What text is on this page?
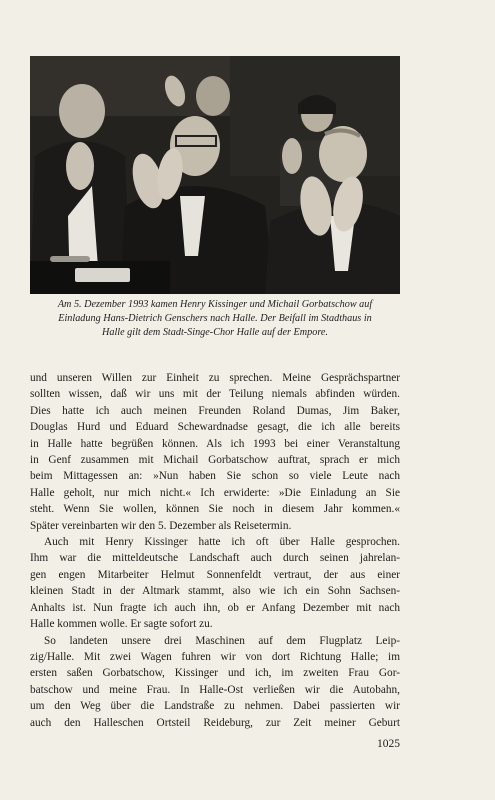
Am 5. Dezember 1993 kamen Henry Kissinger und Michail Gorbatschow auf
Einladung Hans-Dietrich Genschers nach Halle. Der Beifall im Stadthaus in
Halle gilt dem Stadt-Singe-Chor Halle auf der Empore.
und unseren Willen zur Einheit zu sprechen. Meine Gesprächspartner
sollten wissen, daß wir uns mit der Teilung niemals abfinden würden.
Dies hatte ich auch meinen Freunden Roland Dumas, Jim Baker,
Douglas Hurd und Eduard Schewardnadse gesagt, die ich alle bereits
in Halle hatte begrüßen können. Als ich 1993 bei einer Veranstaltung
in Genf zusammen mit Michail Gorbatschow auftrat, sprach er mich
beim Mittagessen an: »Nun haben Sie schon so viele Leute nach
Halle geholt, nur mich nicht.« Ich erwiderte: »Die Einladung an Sie
steht. Wenn Sie wollen, können Sie noch in diesem Jahr kommen.«
Später vereinbarten wir den 5. Dezember als Reisetermin.
Auch mit Henry Kissinger hatte ich oft über Halle gesprochen.
Ihm war die mitteldeutsche Landschaft auch durch seinen jahrelan-
gen engen Mitarbeiter Helmut Sonnenfeldt vertraut, der aus einer
kleinen Stadt in der Altmark stammt, also wie ich ein Sohn Sachsen-
Anhalts ist. Nun fragte ich auch ihn, ob er Anfang Dezember mit nach
Halle kommen wolle. Er sagte sofort zu.
So landeten unsere drei Maschinen auf dem Flugplatz Leip-
zig/Halle. Mit zwei Wagen fuhren wir von dort Richtung Halle; im
ersten saßen Gorbatschow, Kissinger und ich, im zweiten Frau Gor-
batschow und meine Frau. In Halle-Ost verließen wir die Autobahn,
um den Weg über die Landstraße zu nehmen. Dabei passierten wir
auch den Halleschen Ortsteil Reideburg, zur Zeit meiner Geburt
1025
